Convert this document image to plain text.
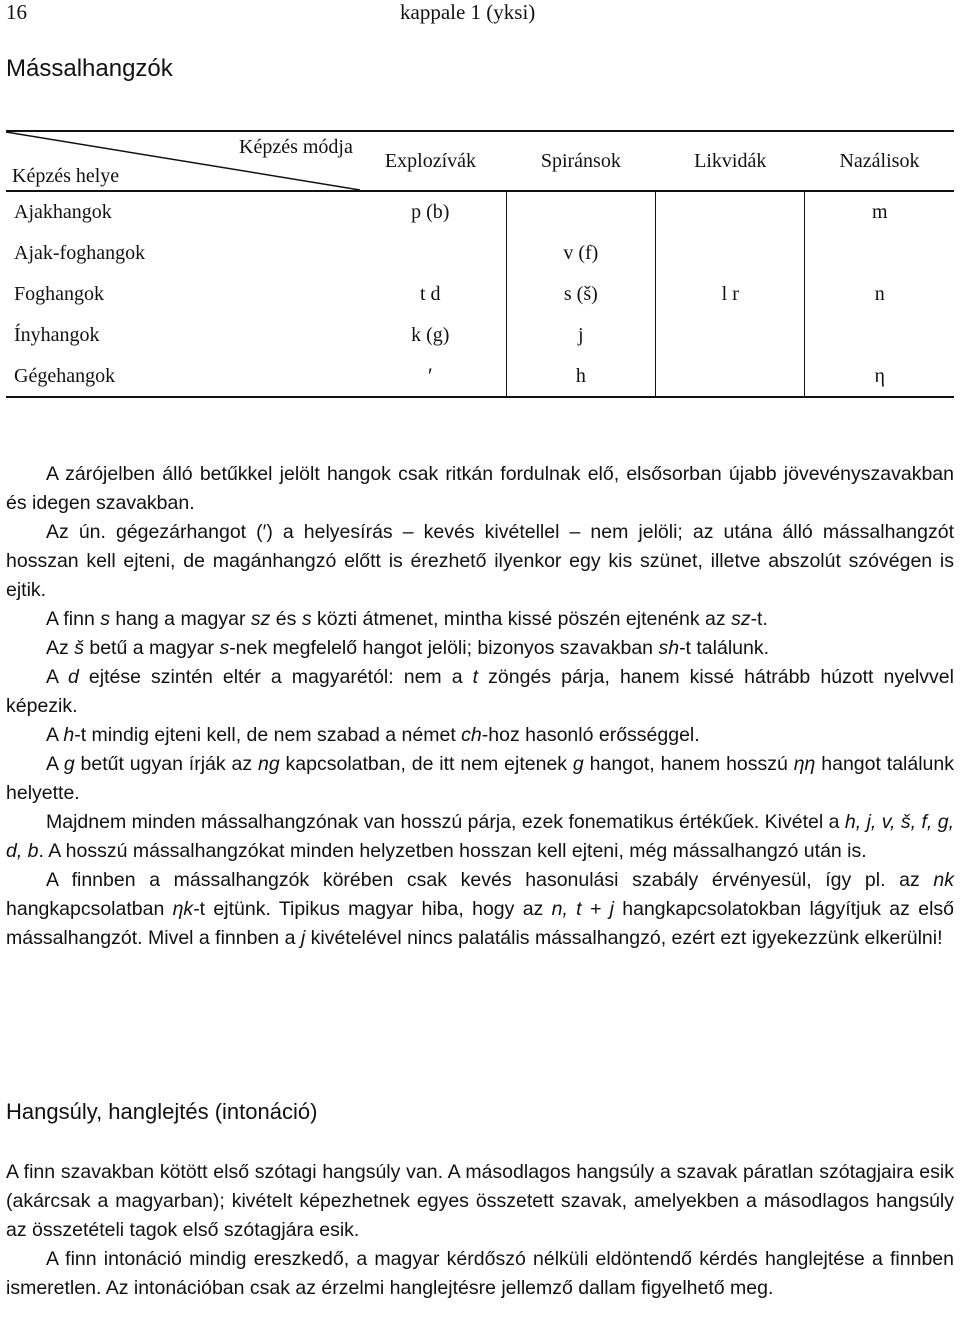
16	kappale 1 (yksi)
Mássalhangzók
Képzés módja
Képzés helye	Explozívák	Spiránsok	Likvidák	Nazálisok
Ajakhangok	p (b)			m
Ajak-foghangok		v (f)		
Foghangok	t d	s (š)	l r	n
Ínyhangok	k (g)	j		
Gégehangok	′	h		η

A zárójelben álló betűkkel jelölt hangok csak ritkán fordulnak elő, elsősorban újabb jövevényszavakban és idegen szavakban.

Az ún. gégezárhangot (′) a helyesírás – kevés kivétellel – nem jelöli; az utána álló mássalhangzót hosszan kell ejteni, de magánhangzó előtt is érezhető ilyenkor egy kis szünet, illetve abszolút szóvégen is ejtik.

A finn s hang a magyar sz és s közti átmenet, mintha kissé pöszén ejtenénk az sz-t.

Az š betű a magyar s-nek megfelelő hangot jelöli; bizonyos szavakban sh-t találunk.

A d ejtése szintén eltér a magyarétól: nem a t zöngés párja, hanem kissé hátrább húzott nyelvvel képezik.

A h-t mindig ejteni kell, de nem szabad a német ch-hoz hasonló erősséggel.

A g betűt ugyan írják az ng kapcsolatban, de itt nem ejtenek g hangot, hanem hosszú ηη hangot találunk helyette.

Majdnem minden mássalhangzónak van hosszú párja, ezek fonematikus értékűek. Kivétel a h, j, v, š, f, g, d, b. A hosszú mássalhangzókat minden helyzetben hosszan kell ejteni, még mássalhangzó után is.

A finnben a mássalhangzók körében csak kevés hasonulási szabály érvényesül, így pl. az nk hangkapcsolatban ηk-t ejtünk. Tipikus magyar hiba, hogy az n, t + j hangkapcsolatokban lágyítjuk az első mássalhangzót. Mivel a finnben a j kivételével nincs palatális mássalhangzó, ezért ezt igyekezzünk elkerülni!

Hangsúly, hanglejtés (intonáció)

A finn szavakban kötött első szótagi hangsúly van. A másodlagos hangsúly a szavak páratlan szótagjaira esik (akárcsak a magyarban); kivételt képezhetnek egyes összetett szavak, amelyekben a másodlagos hangsúly az összetételi tagok első szótagjára esik.

A finn intonáció mindig ereszkedő, a magyar kérdőszó nélküli eldöntendő kérdés hanglejtése a finnben ismeretlen. Az intonációban csak az érzelmi hanglejtésre jellemző dallam figyelhető meg.
